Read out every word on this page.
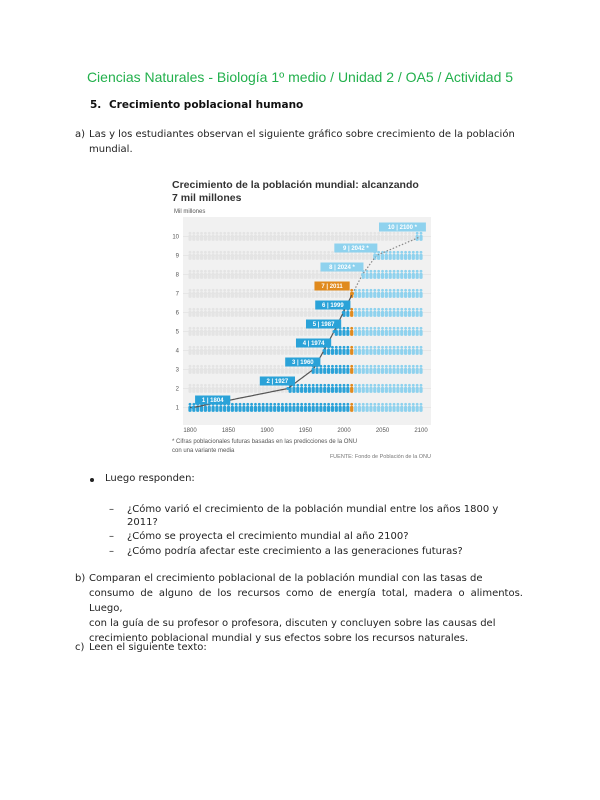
Ciencias Naturales - Biología 1º medio / Unidad 2 / OA5 / Actividad 5
5. Crecimiento poblacional humano
a) Las y los estudiantes observan el siguiente gráfico sobre crecimiento de la población
mundial.
Crecimiento de la población mundial: alcanzando
7 mil millones
Mil millones
1 | 1804
2 | 1927
3 | 1960
4 | 1974
5 | 1987
6 | 1999
7 | 2011
8 | 2024 *
9 | 2042 *
10 | 2100 *
1
2
3
4
5
6
7
8
9
10
1800	1850	1900	1950	2000	2050	2100
* Cifras poblacionales futuras basadas en las predicciones de la ONU
con una variante media
FUENTE: Fondo de Población de la ONU
Luego responden:
– ¿Cómo varió el crecimiento de la población mundial entre los años 1800 y
2011?
– ¿Cómo se proyecta el crecimiento mundial al año 2100?
– ¿Cómo podría afectar este crecimiento a las generaciones futuras?
b) Comparan el crecimiento poblacional de la población mundial con las tasas de
consumo de alguno de los recursos como de energía total, madera o alimentos. Luego,
con la guía de su profesor o profesora, discuten y concluyen sobre las causas del
crecimiento poblacional mundial y sus efectos sobre los recursos naturales.
c) Leen el siguiente texto:
